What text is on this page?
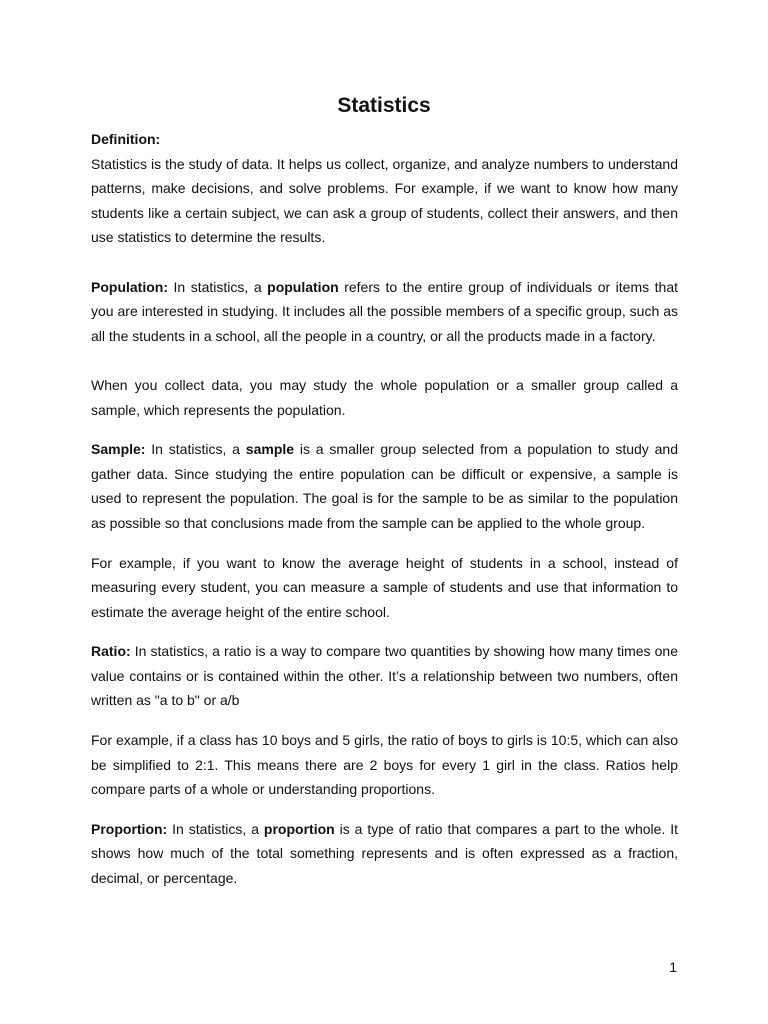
Statistics

Definition:

Statistics is the study of data. It helps us collect, organize, and analyze numbers to understand patterns, make decisions, and solve problems. For example, if we want to know how many students like a certain subject, we can ask a group of students, collect their answers, and then use statistics to determine the results.

Population: In statistics, a population refers to the entire group of individuals or items that you are interested in studying. It includes all the possible members of a specific group, such as all the students in a school, all the people in a country, or all the products made in a factory.

When you collect data, you may study the whole population or a smaller group called a sample, which represents the population.

Sample: In statistics, a sample is a smaller group selected from a population to study and gather data. Since studying the entire population can be difficult or expensive, a sample is used to represent the population. The goal is for the sample to be as similar to the population as possible so that conclusions made from the sample can be applied to the whole group.

For example, if you want to know the average height of students in a school, instead of measuring every student, you can measure a sample of students and use that information to estimate the average height of the entire school.

Ratio: In statistics, a ratio is a way to compare two quantities by showing how many times one value contains or is contained within the other. It’s a relationship between two numbers, often written as "a to b" or a/b

For example, if a class has 10 boys and 5 girls, the ratio of boys to girls is 10:5, which can also be simplified to 2:1. This means there are 2 boys for every 1 girl in the class. Ratios help compare parts of a whole or understanding proportions.

Proportion: In statistics, a proportion is a type of ratio that compares a part to the whole. It shows how much of the total something represents and is often expressed as a fraction, decimal, or percentage.

1
